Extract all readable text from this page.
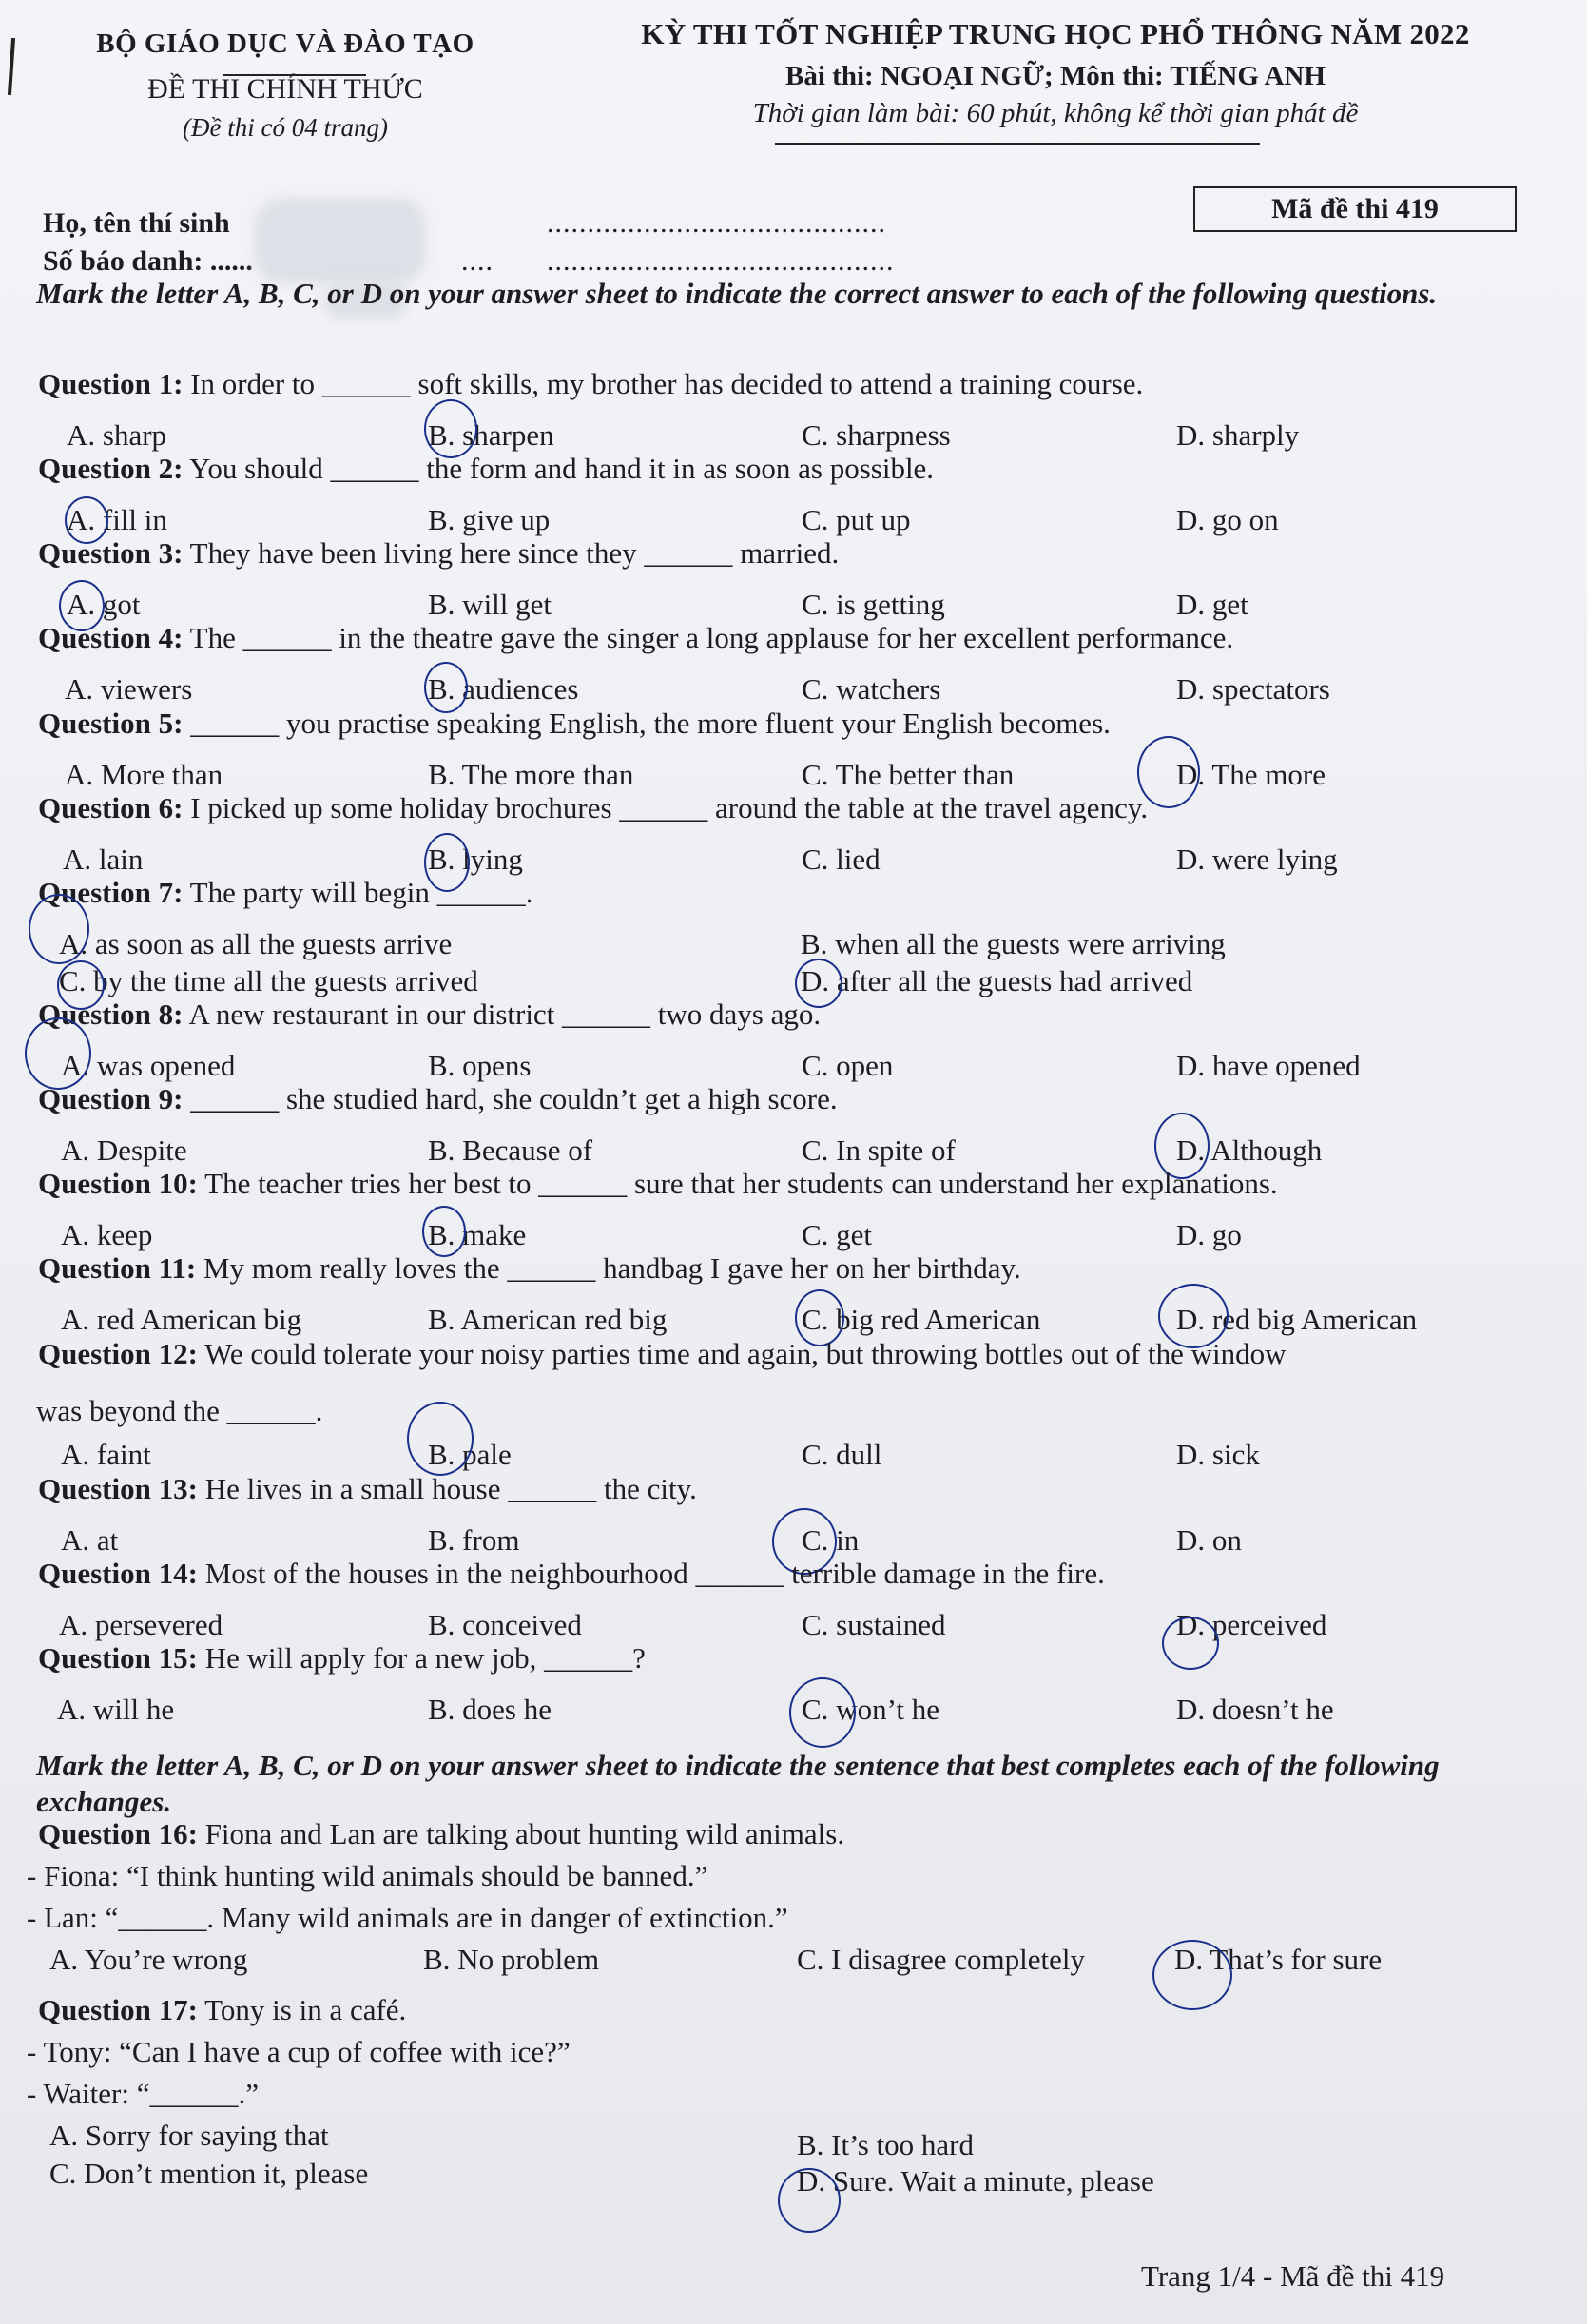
BỘ GIÁO DỤC VÀ ĐÀO TẠO
ĐỀ THI CHÍNH THỨC
(Đề thi có 04 trang)
KỲ THI TỐT NGHIỆP TRUNG HỌC PHỔ THÔNG NĂM 2022
Bài thi: NGOẠI NGỮ; Môn thi: TIẾNG ANH
Thời gian làm bài: 60 phút, không kể thời gian phát đề
Mã đề thi 419
Họ, tên thí sinh	..........................................
Số báo danh: ......	.... ...........................................
Mark the letter A, B, C, or D on your answer sheet to indicate the correct answer to each of the following questions.
Question 1: In order to ______ soft skills, my brother has decided to attend a training course.
A. sharp	B. sharpen	C. sharpness	D. sharply
Question 2: You should ______ the form and hand it in as soon as possible.
A. fill in	B. give up	C. put up	D. go on
Question 3: They have been living here since they ______ married.
A. got	B. will get	C. is getting	D. get
Question 4: The ______ in the theatre gave the singer a long applause for her excellent performance.
A. viewers	B. audiences	C. watchers	D. spectators
Question 5: ______ you practise speaking English, the more fluent your English becomes.
A. More than	B. The more than	C. The better than	D. The more
Question 6: I picked up some holiday brochures ______ around the table at the travel agency.
A. lain	B. lying	C. lied	D. were lying
Question 7: The party will begin ______.
A. as soon as all the guests arrive	B. when all the guests were arriving
C. by the time all the guests arrived	D. after all the guests had arrived
Question 8: A new restaurant in our district ______ two days ago.
A. was opened	B. opens	C. open	D. have opened
Question 9: ______ she studied hard, she couldn’t get a high score.
A. Despite	B. Because of	C. In spite of	D. Although
Question 10: The teacher tries her best to ______ sure that her students can understand her explanations.
A. keep	B. make	C. get	D. go
Question 11: My mom really loves the ______ handbag I gave her on her birthday.
A. red American big	B. American red big	C. big red American	D. red big American
Question 12: We could tolerate your noisy parties time and again, but throwing bottles out of the window
was beyond the ______.
A. faint	B. pale	C. dull	D. sick
Question 13: He lives in a small house ______ the city.
A. at	B. from	C. in	D. on
Question 14: Most of the houses in the neighbourhood ______ terrible damage in the fire.
A. persevered	B. conceived	C. sustained	D. perceived
Question 15: He will apply for a new job, ______?
A. will he	B. does he	C. won’t he	D. doesn’t he
Question 16: Fiona and Lan are talking about hunting wild animals.
- Fiona: “I think hunting wild animals should be banned.”
- Lan: “______. Many wild animals are in danger of extinction.”
A. You’re wrong	B. No problem	C. I disagree completely	D. That’s for sure
Question 17: Tony is in a café.
- Tony: “Can I have a cup of coffee with ice?”
- Waiter: “______.”
A. Sorry for saying that	B. It’s too hard
C. Don’t mention it, please	D. Sure. Wait a minute, please
Mark the letter A, B, C, or D on your answer sheet to indicate the sentence that best completes each of the following exchanges.
Trang 1/4 - Mã đề thi 419
